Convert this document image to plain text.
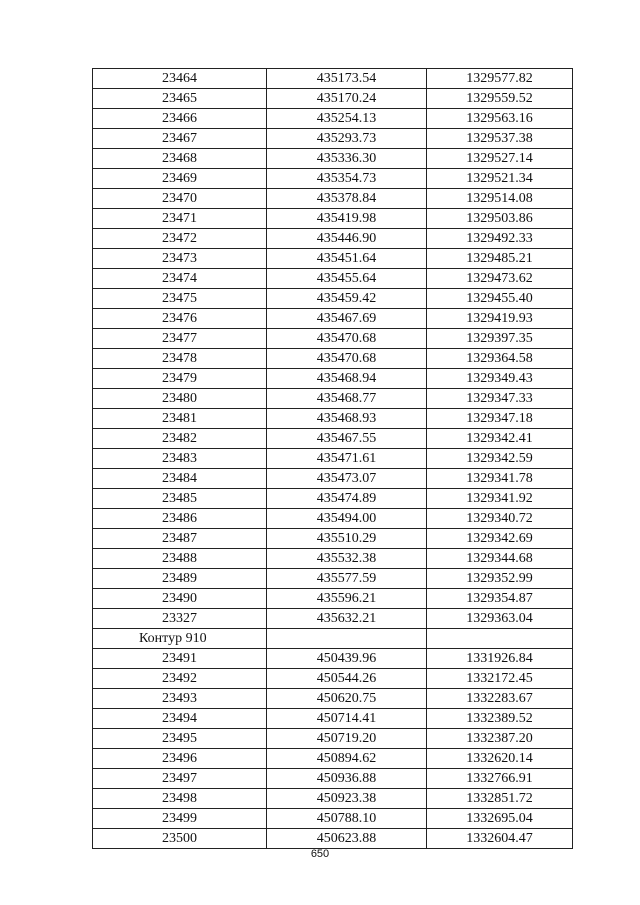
23464	435173.54	1329577.82
23465	435170.24	1329559.52
23466	435254.13	1329563.16
23467	435293.73	1329537.38
23468	435336.30	1329527.14
23469	435354.73	1329521.34
23470	435378.84	1329514.08
23471	435419.98	1329503.86
23472	435446.90	1329492.33
23473	435451.64	1329485.21
23474	435455.64	1329473.62
23475	435459.42	1329455.40
23476	435467.69	1329419.93
23477	435470.68	1329397.35
23478	435470.68	1329364.58
23479	435468.94	1329349.43
23480	435468.77	1329347.33
23481	435468.93	1329347.18
23482	435467.55	1329342.41
23483	435471.61	1329342.59
23484	435473.07	1329341.78
23485	435474.89	1329341.92
23486	435494.00	1329340.72
23487	435510.29	1329342.69
23488	435532.38	1329344.68
23489	435577.59	1329352.99
23490	435596.21	1329354.87
23327	435632.21	1329363.04
Контур 910		
23491	450439.96	1331926.84
23492	450544.26	1332172.45
23493	450620.75	1332283.67
23494	450714.41	1332389.52
23495	450719.20	1332387.20
23496	450894.62	1332620.14
23497	450936.88	1332766.91
23498	450923.38	1332851.72
23499	450788.10	1332695.04
23500	450623.88	1332604.47
650
